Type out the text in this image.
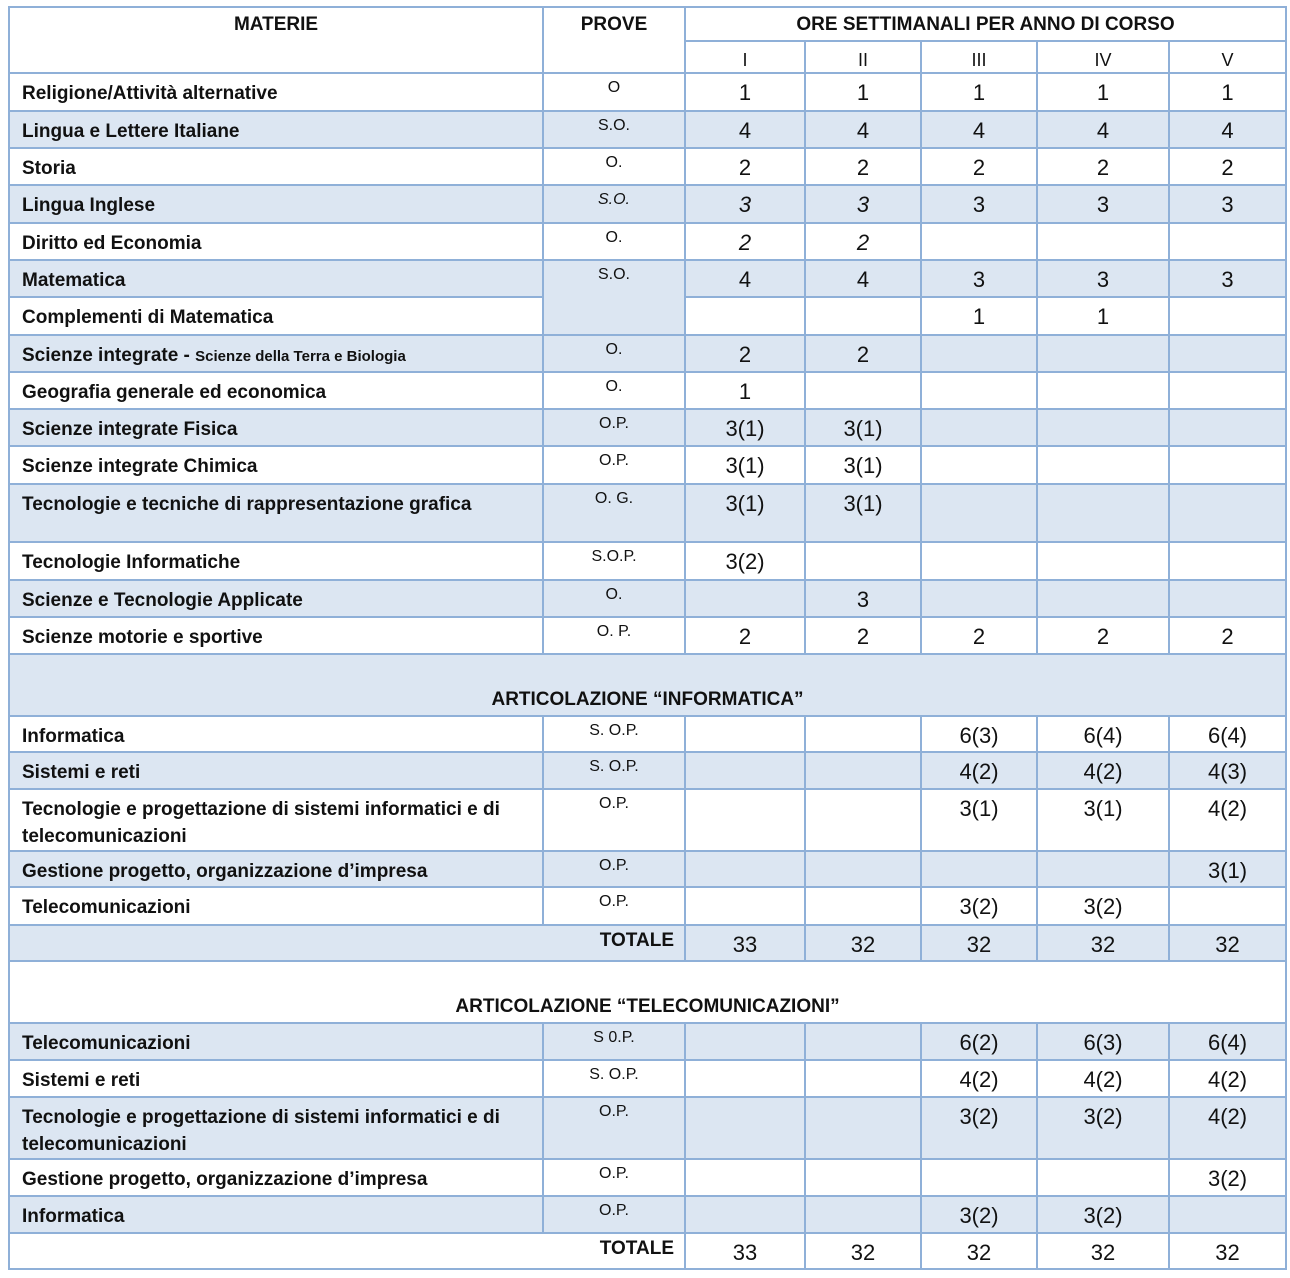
MATERIE	PROVE	ORE SETTIMANALI PER ANNO DI CORSO				
		I	II	III	IV	V
Religione/Attività alternative	O	1	1	1	1	1
Lingua e Lettere Italiane	S.O.	4	4	4	4	4
Storia	O.	2	2	2	2	2
Lingua Inglese	S.O.	3	3	3	3	3
Diritto ed Economia	O.	2	2			
Matematica	S.O.	4	4	3	3	3
Complementi di Matematica				1	1	
Scienze integrate - Scienze della Terra e Biologia	O.	2	2			
Geografia generale ed economica	O.	1				
Scienze integrate Fisica	O.P.	3(1)	3(1)			
Scienze integrate Chimica	O.P.	3(1)	3(1)			
Tecnologie e tecniche di rappresentazione grafica	O. G.	3(1)	3(1)			
Tecnologie Informatiche	S.O.P.	3(2)				
Scienze e Tecnologie Applicate	O.		3			
Scienze motorie e sportive	O. P.	2	2	2	2	2
ARTICOLAZIONE “INFORMATICA”						
Informatica	S. O.P.			6(3)	6(4)	6(4)
Sistemi e reti	S. O.P.			4(2)	4(2)	4(3)
Tecnologie e progettazione di sistemi informatici e di telecomunicazioni	O.P.			3(1)	3(1)	4(2)
Gestione progetto, organizzazione d’impresa	O.P.					3(1)
Telecomunicazioni	O.P.			3(2)	3(2)	
TOTALE		33	32	32	32	32
ARTICOLAZIONE “TELECOMUNICAZIONI”						
Telecomunicazioni	S 0.P.			6(2)	6(3)	6(4)
Sistemi e reti	S. O.P.			4(2)	4(2)	4(2)
Tecnologie e progettazione di sistemi informatici e di telecomunicazioni	O.P.			3(2)	3(2)	4(2)
Gestione progetto, organizzazione d’impresa	O.P.					3(2)
Informatica	O.P.			3(2)	3(2)	
TOTALE		33	32	32	32	32
